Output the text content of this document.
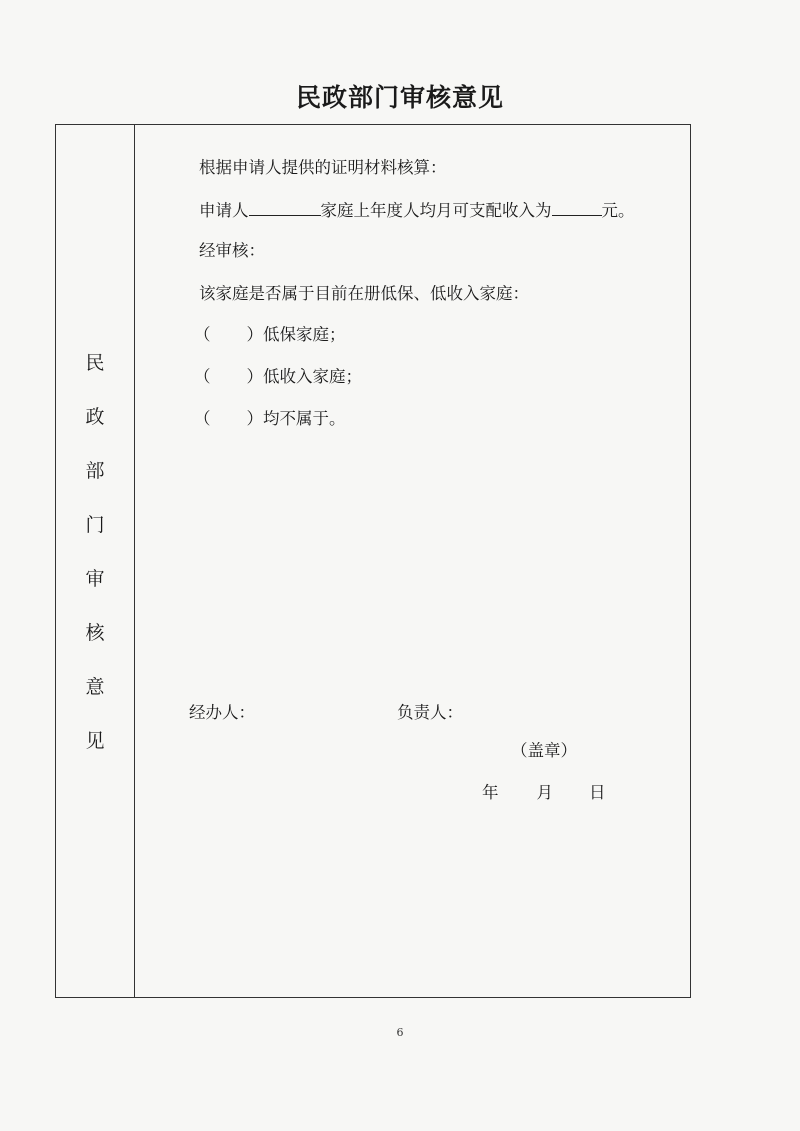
民政部门审核意见
民
政
部
门
审
核
意
见
根据申请人提供的证明材料核算：
申请人	家庭上年度人均月可支配收入为	元。
经审核：
该家庭是否属于目前在册低保、低收入家庭：
（ ）低保家庭；
（ ）低收入家庭；
（ ）均不属于。
经办人：	负责人：
（盖章）
年 月 日
6
